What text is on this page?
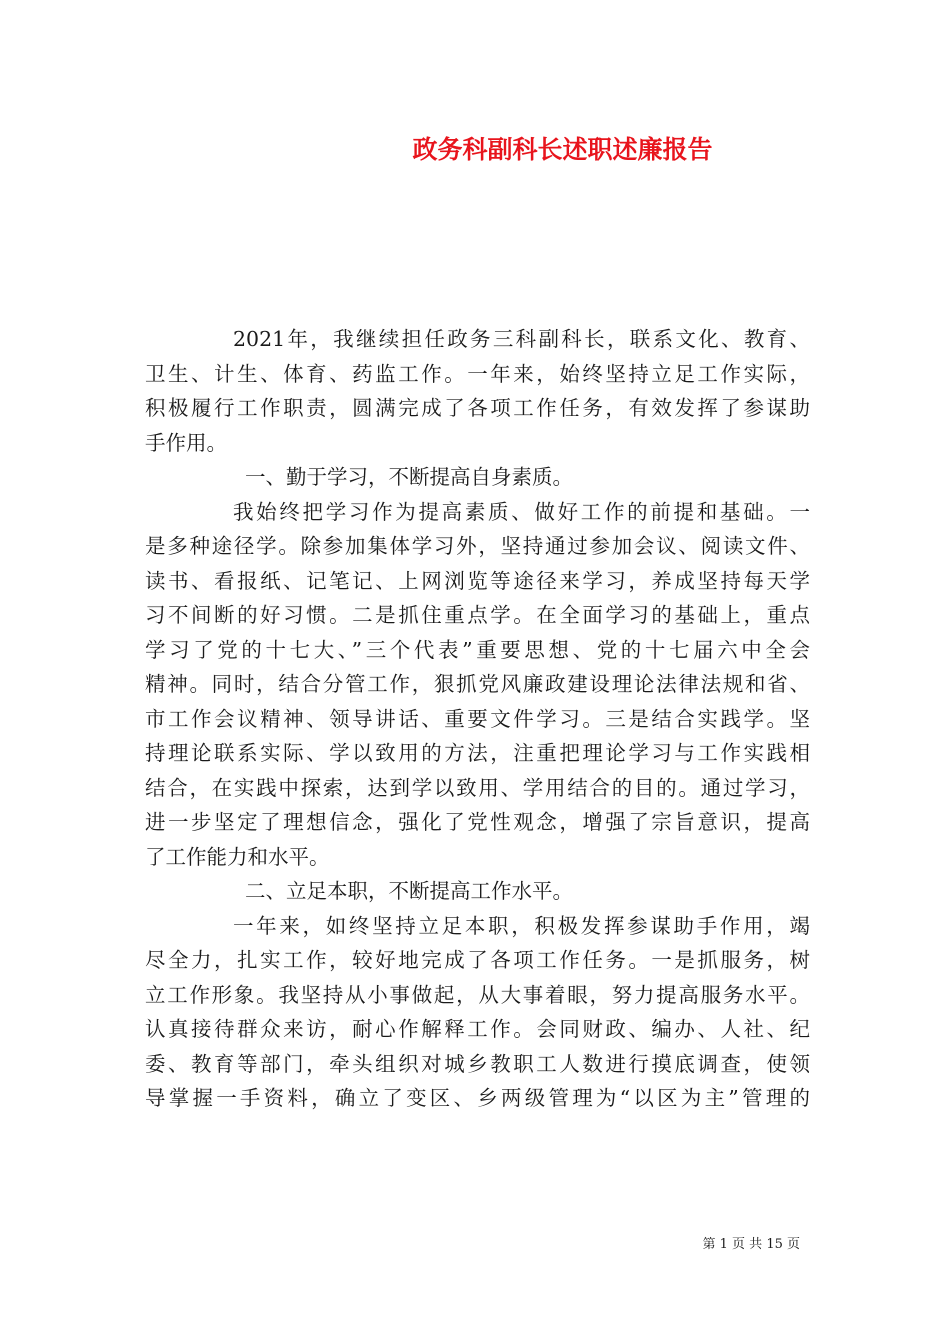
政务科副科长述职述廉报告
2021年，我继续担任政务三科副科长，联系文化、教育、
卫生、计生、体育、药监工作。一年来，始终坚持立足工作实际，
积极履行工作职责，圆满完成了各项工作任务，有效发挥了参谋助
手作用。
一、勤于学习，不断提高自身素质。
我始终把学习作为提高素质、做好工作的前提和基础。一
是多种途径学。除参加集体学习外，坚持通过参加会议、阅读文件、
读书、看报纸、记笔记、上网浏览等途径来学习，养成坚持每天学
习不间断的好习惯。二是抓住重点学。在全面学习的基础上，重点
学习了党的十七大、”三个代表”重要思想、党的十七届六中全会
精神。同时，结合分管工作，狠抓党风廉政建设理论法律法规和省、
市工作会议精神、领导讲话、重要文件学习。三是结合实践学。坚
持理论联系实际、学以致用的方法，注重把理论学习与工作实践相
结合，在实践中探索，达到学以致用、学用结合的目的。通过学习，
进一步坚定了理想信念，强化了党性观念，增强了宗旨意识，提高
了工作能力和水平。
二、立足本职，不断提高工作水平。
一年来，如终坚持立足本职，积极发挥参谋助手作用，竭
尽全力，扎实工作，较好地完成了各项工作任务。一是抓服务，树
立工作形象。我坚持从小事做起，从大事着眼，努力提高服务水平。
认真接待群众来访，耐心作解释工作。会同财政、编办、人社、纪
委、教育等部门，牵头组织对城乡教职工人数进行摸底调查，使领
导掌握一手资料，确立了变区、乡两级管理为“以区为主”管理的
第 1 页 共 15 页
